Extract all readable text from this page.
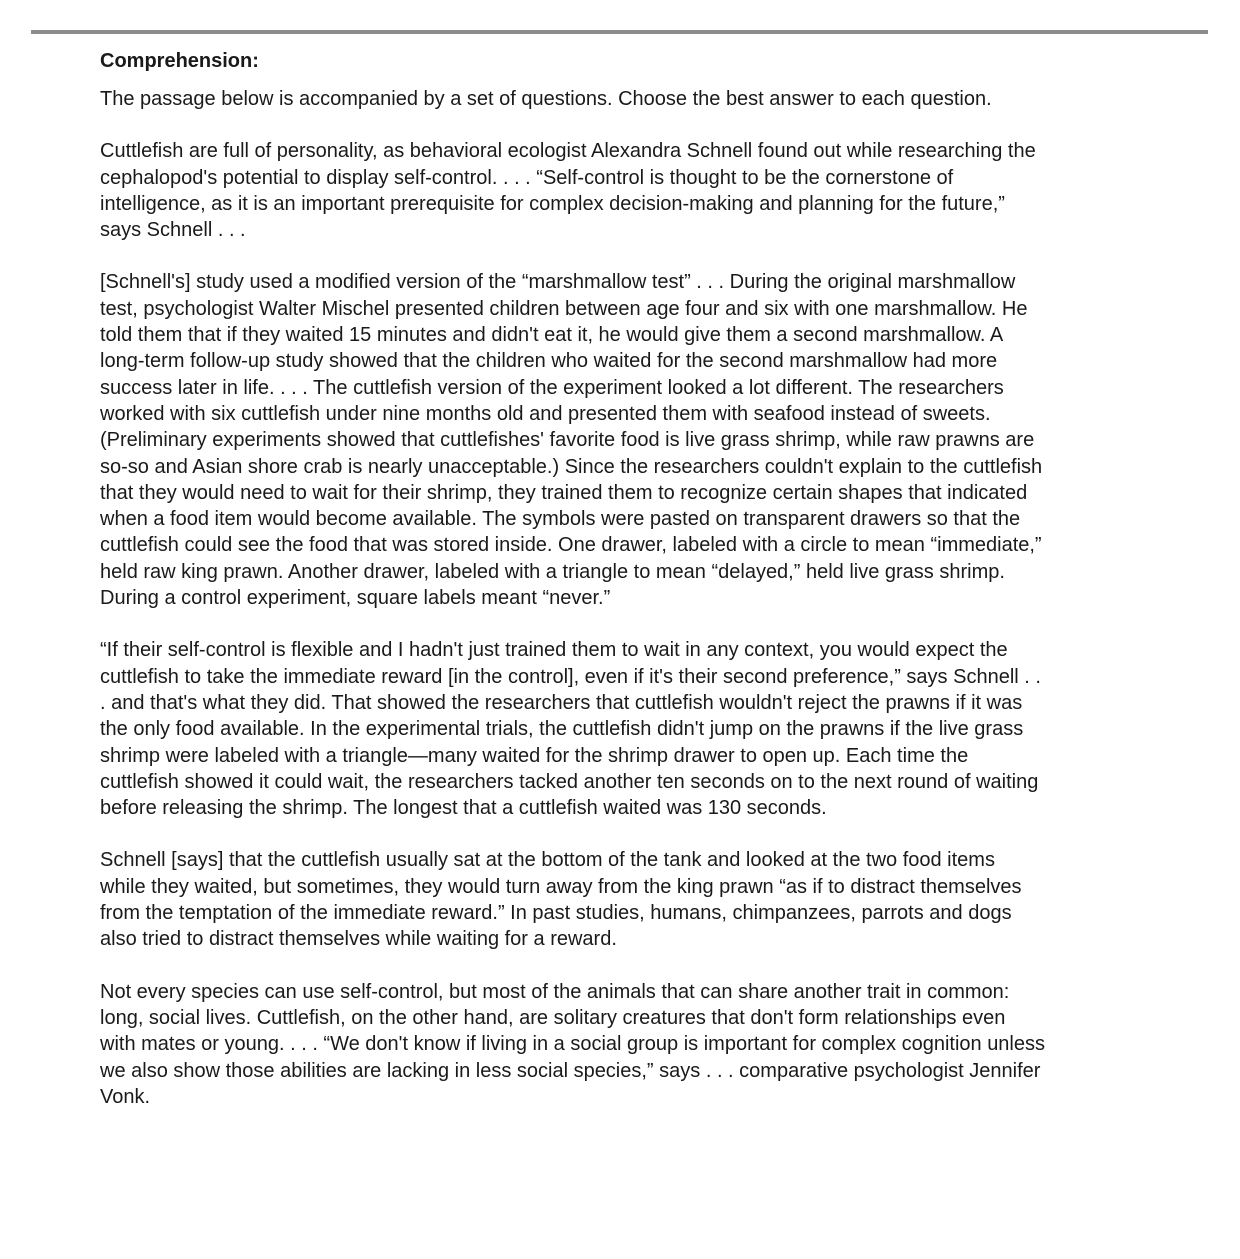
Comprehension:

The passage below is accompanied by a set of questions. Choose the best answer to each question.

Cuttlefish are full of personality, as behavioral ecologist Alexandra Schnell found out while researching the cephalopod's potential to display self-control. . . . “Self-control is thought to be the cornerstone of intelligence, as it is an important prerequisite for complex decision-making and planning for the future,” says Schnell . . .

[Schnell's] study used a modified version of the “marshmallow test” . . . During the original marshmallow test, psychologist Walter Mischel presented children between age four and six with one marshmallow. He told them that if they waited 15 minutes and didn't eat it, he would give them a second marshmallow. A long-term follow-up study showed that the children who waited for the second marshmallow had more success later in life. . . . The cuttlefish version of the experiment looked a lot different. The researchers worked with six cuttlefish under nine months old and presented them with seafood instead of sweets. (Preliminary experiments showed that cuttlefishes' favorite food is live grass shrimp, while raw prawns are so-so and Asian shore crab is nearly unacceptable.) Since the researchers couldn't explain to the cuttlefish that they would need to wait for their shrimp, they trained them to recognize certain shapes that indicated when a food item would become available. The symbols were pasted on transparent drawers so that the cuttlefish could see the food that was stored inside. One drawer, labeled with a circle to mean “immediate,” held raw king prawn. Another drawer, labeled with a triangle to mean “delayed,” held live grass shrimp. During a control experiment, square labels meant “never.”

“If their self-control is flexible and I hadn't just trained them to wait in any context, you would expect the cuttlefish to take the immediate reward [in the control], even if it's their second preference,” says Schnell . . . and that's what they did. That showed the researchers that cuttlefish wouldn't reject the prawns if it was the only food available. In the experimental trials, the cuttlefish didn't jump on the prawns if the live grass shrimp were labeled with a triangle—many waited for the shrimp drawer to open up. Each time the cuttlefish showed it could wait, the researchers tacked another ten seconds on to the next round of waiting before releasing the shrimp. The longest that a cuttlefish waited was 130 seconds.

Schnell [says] that the cuttlefish usually sat at the bottom of the tank and looked at the two food items while they waited, but sometimes, they would turn away from the king prawn “as if to distract themselves from the temptation of the immediate reward.” In past studies, humans, chimpanzees, parrots and dogs also tried to distract themselves while waiting for a reward.

Not every species can use self-control, but most of the animals that can share another trait in common: long, social lives. Cuttlefish, on the other hand, are solitary creatures that don't form relationships even with mates or young. . . . “We don't know if living in a social group is important for complex cognition unless we also show those abilities are lacking in less social species,” says . . . comparative psychologist Jennifer Vonk.
